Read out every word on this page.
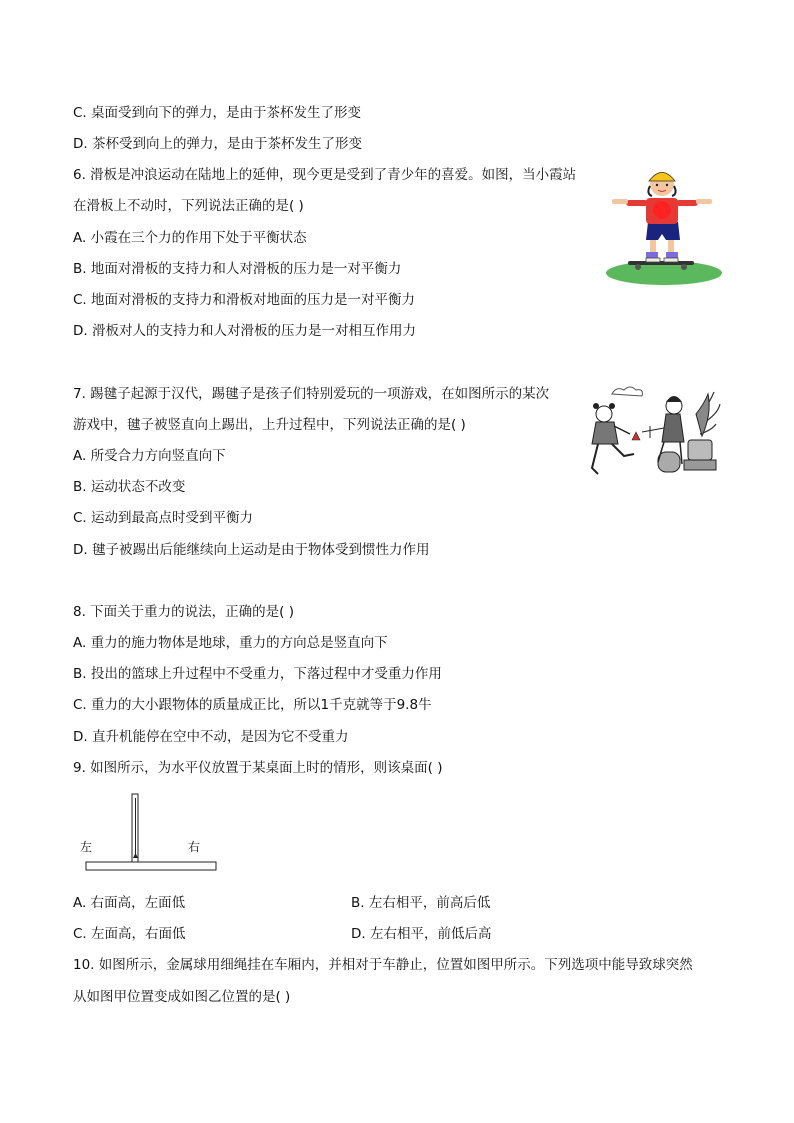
C. 桌面受到向下的弹力，是由于茶杯发生了形变
D. 茶杯受到向上的弹力，是由于茶杯发生了形变
6. 滑板是冲浪运动在陆地上的延伸，现今更是受到了青少年的喜爱。如图，当小霞站
在滑板上不动时，下列说法正确的是( )
A. 小霞在三个力的作用下处于平衡状态
B. 地面对滑板的支持力和人对滑板的压力是一对平衡力
C. 地面对滑板的支持力和滑板对地面的压力是一对平衡力
D. 滑板对人的支持力和人对滑板的压力是一对相互作用力
7. 踢毽子起源于汉代，踢毽子是孩子们特别爱玩的一项游戏，在如图所示的某次
游戏中，毽子被竖直向上踢出，上升过程中，下列说法正确的是( )
A. 所受合力方向竖直向下
B. 运动状态不改变
C. 运动到最高点时受到平衡力
D. 毽子被踢出后能继续向上运动是由于物体受到惯性力作用
8. 下面关于重力的说法，正确的是( )
A. 重力的施力物体是地球，重力的方向总是竖直向下
B. 投出的篮球上升过程中不受重力，下落过程中才受重力作用
C. 重力的大小跟物体的质量成正比，所以1千克就等于9.8牛
D. 直升机能停在空中不动，是因为它不受重力
9. 如图所示，为水平仪放置于某桌面上时的情形，则该桌面( )
左	右
A. 右面高，左面低	B. 左右相平，前高后低
C. 左面高，右面低	D. 左右相平，前低后高
10. 如图所示，金属球用细绳挂在车厢内，并相对于车静止，位置如图甲所示。下列选项中能导致球突然
从如图甲位置变成如图乙位置的是( )
